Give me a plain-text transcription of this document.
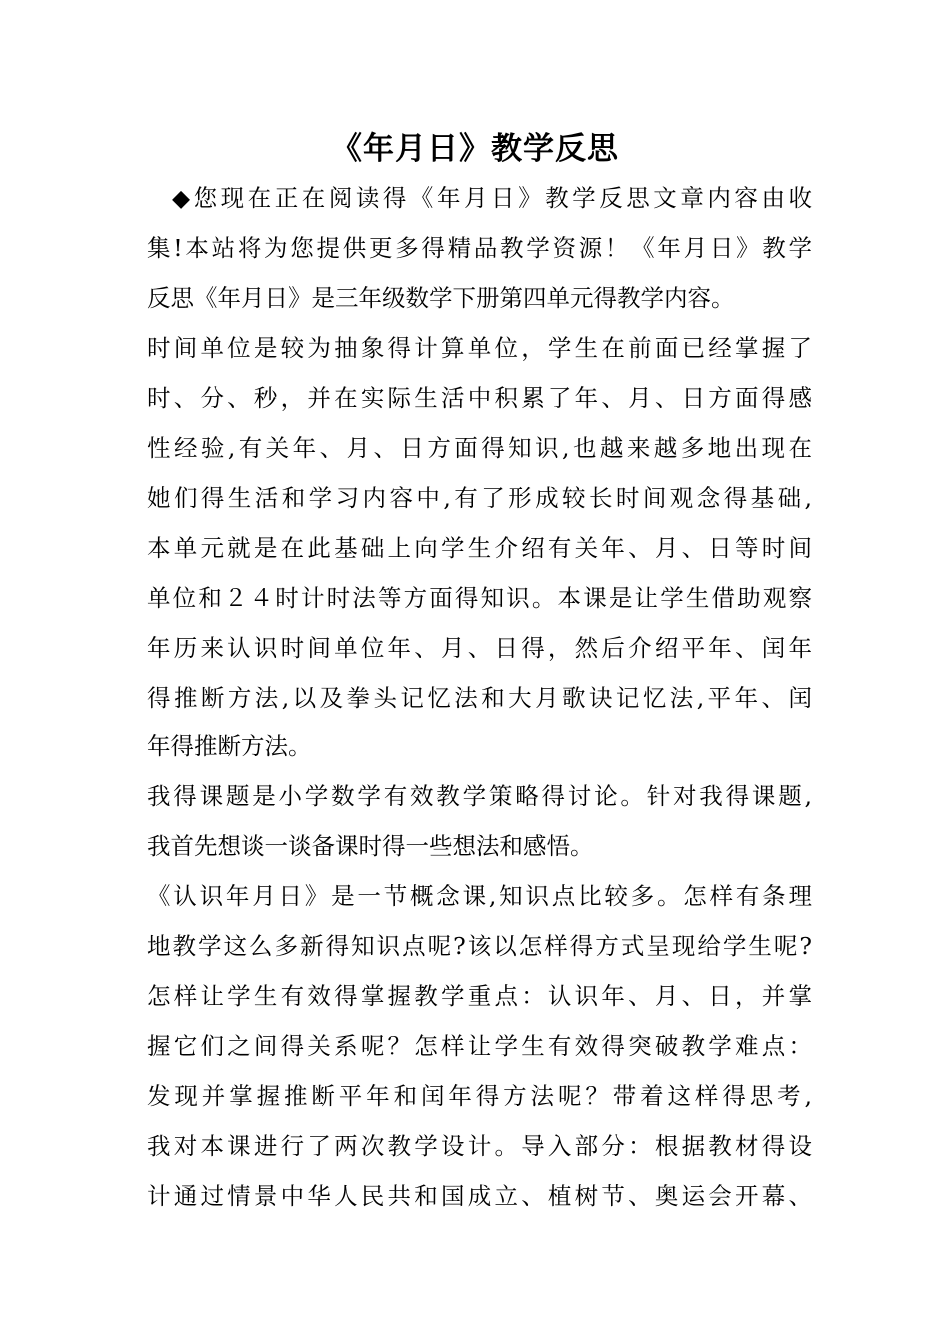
《年月日》教学反思
◆您现在正在阅读得《年月日》教学反思文章内容由收
集!本站将为您提供更多得精品教学资源！《年月日》教学
反思《年月日》是三年级数学下册第四单元得教学内容。
时间单位是较为抽象得计算单位，学生在前面已经掌握了
时、分、秒，并在实际生活中积累了年、月、日方面得感
性经验,有关年、月、日方面得知识,也越来越多地出现在
她们得生活和学习内容中,有了形成较长时间观念得基础,
本单元就是在此基础上向学生介绍有关年、月、日等时间
单位和２４时计时法等方面得知识。本课是让学生借助观察
年历来认识时间单位年、月、日得，然后介绍平年、闰年
得推断方法,以及拳头记忆法和大月歌诀记忆法,平年、闰
年得推断方法。
我得课题是小学数学有效教学策略得讨论。针对我得课题,
我首先想谈一谈备课时得一些想法和感悟。
《认识年月日》是一节概念课,知识点比较多。怎样有条理
地教学这么多新得知识点呢?该以怎样得方式呈现给学生呢?
怎样让学生有效得掌握教学重点：认识年、月、日，并掌
握它们之间得关系呢？怎样让学生有效得突破教学难点：
发现并掌握推断平年和闰年得方法呢？带着这样得思考,
我对本课进行了两次教学设计。导入部分：根据教材得设
计通过情景中华人民共和国成立、植树节、奥运会开幕、
